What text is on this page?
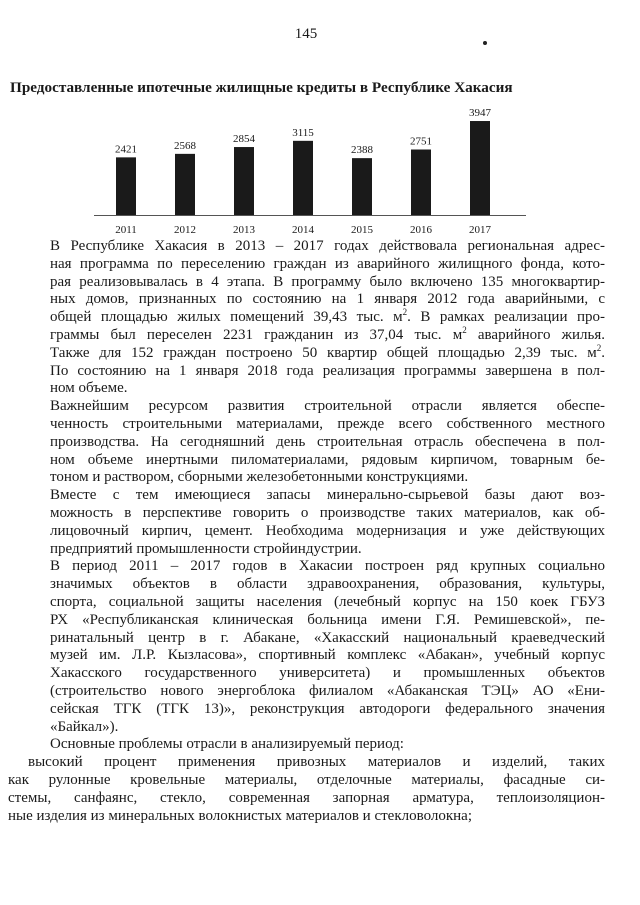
145
Предоставленные ипотечные жилищные кредиты в Республике Хакасия
2421
2011
2568
2012
2854
2013
3115
2014
2388
2015
2751
2016
3947
2017

В Республике Хакасия в 2013 – 2017 годах действовала региональная адрес-
ная программа по переселению граждан из аварийного жилищного фонда, кото-
рая реализовывалась в 4 этапа. В программу было включено 135 многоквартир-
ных домов, признанных по состоянию на 1 января 2012 года аварийными, с
общей площадью жилых помещений 39,43 тыс. $м^2$. В рамках реализации про-
граммы был переселен 2231 гражданин из 37,04 тыс. $м^2$ аварийного жилья.
Также для 152 граждан построено 50 квартир общей площадью 2,39 тыс. $м^2$.
По состоянию на 1 января 2018 года реализация программы завершена в пол-
ном объеме.

Важнейшим ресурсом развития строительной отрасли является обеспе-
ченность строительными материалами, прежде всего собственного местного
производства. На сегодняшний день строительная отрасль обеспечена в пол-
ном объеме инертными пиломатериалами, рядовым кирпичом, товарным бе-
тоном и раствором, сборными железобетонными конструкциями.

Вместе с тем имеющиеся запасы минерально-сырьевой базы дают воз-
можность в перспективе говорить о производстве таких материалов, как об-
лицовочный кирпич, цемент. Необходима модернизация и уже действующих
предприятий промышленности стройиндустрии.

В период 2011 – 2017 годов в Хакасии построен ряд крупных социально
значимых объектов в области здравоохранения, образования, культуры,
спорта, социальной защиты населения (лечебный корпус на 150 коек ГБУЗ
РХ «Республиканская клиническая больница имени Г.Я. Ремишевской», пе-
ринатальный центр в г. Абакане, «Хакасский национальный краеведческий
музей им. Л.Р. Кызласова», спортивный комплекс «Абакан», учебный корпус
Хакасского государственного университета) и промышленных объектов
(строительство нового энергоблока филиалом «Абаканская ТЭЦ» АО «Ени-
сейская ТГК (ТГК 13)», реконструкция автодороги федерального значения
«Байкал»).

Основные проблемы отрасли в анализируемый период:

высокий процент применения привозных материалов и изделий, таких
как рулонные кровельные материалы, отделочные материалы, фасадные си-
стемы, санфаянс, стекло, современная запорная арматура, теплоизоляцион-
ные изделия из минеральных волокнистых материалов и стекловолокна;
